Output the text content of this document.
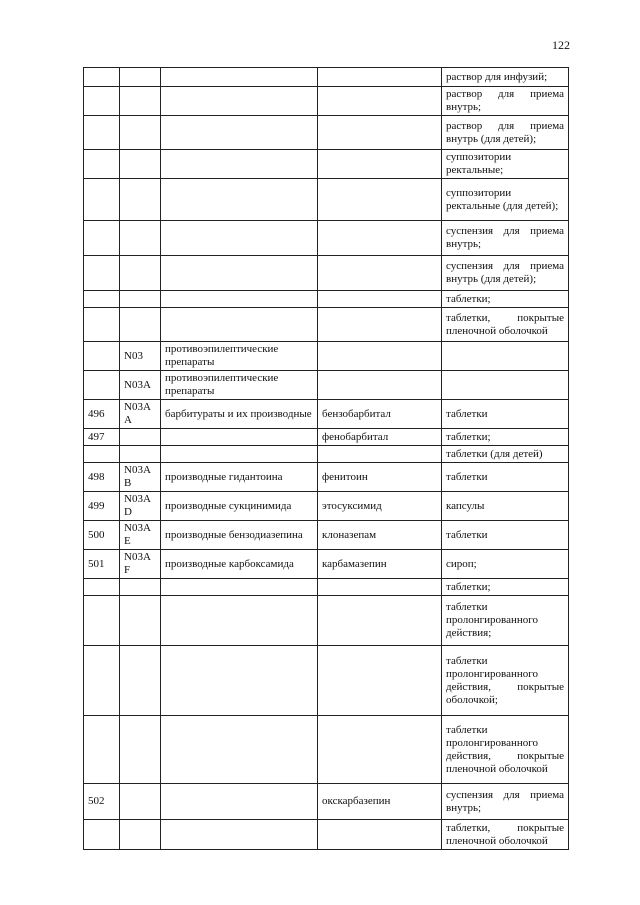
122
				раствор для инфузий;
				раствор для приема внутрь;
				раствор для приема внутрь (для детей);
				суппозитории ректальные;
				суппозитории ректальные (для детей);
				суспензия для приема внутрь;
				суспензия для приема внутрь (для детей);
				таблетки;
				таблетки, покрытые пленочной оболочкой
	N03	противоэпилептические препараты		
	N03A	противоэпилептические препараты		
496	N03A A	барбитураты и их производные	бензобарбитал	таблетки
497			фенобарбитал	таблетки;
				таблетки (для детей)
498	N03A B	производные гидантоина	фенитоин	таблетки
499	N03A D	производные сукцинимида	этосуксимид	капсулы
500	N03A E	производные бензодиазепина	клоназепам	таблетки
501	N03A F	производные карбоксамида	карбамазепин	сироп;
				таблетки;
				таблетки пролонгированного действия;
				таблетки пролонгированного действия, покрытые оболочкой;
				таблетки пролонгированного действия, покрытые пленочной оболочкой
502			окскарбазепин	суспензия для приема внутрь;
				таблетки, покрытые пленочной оболочкой
